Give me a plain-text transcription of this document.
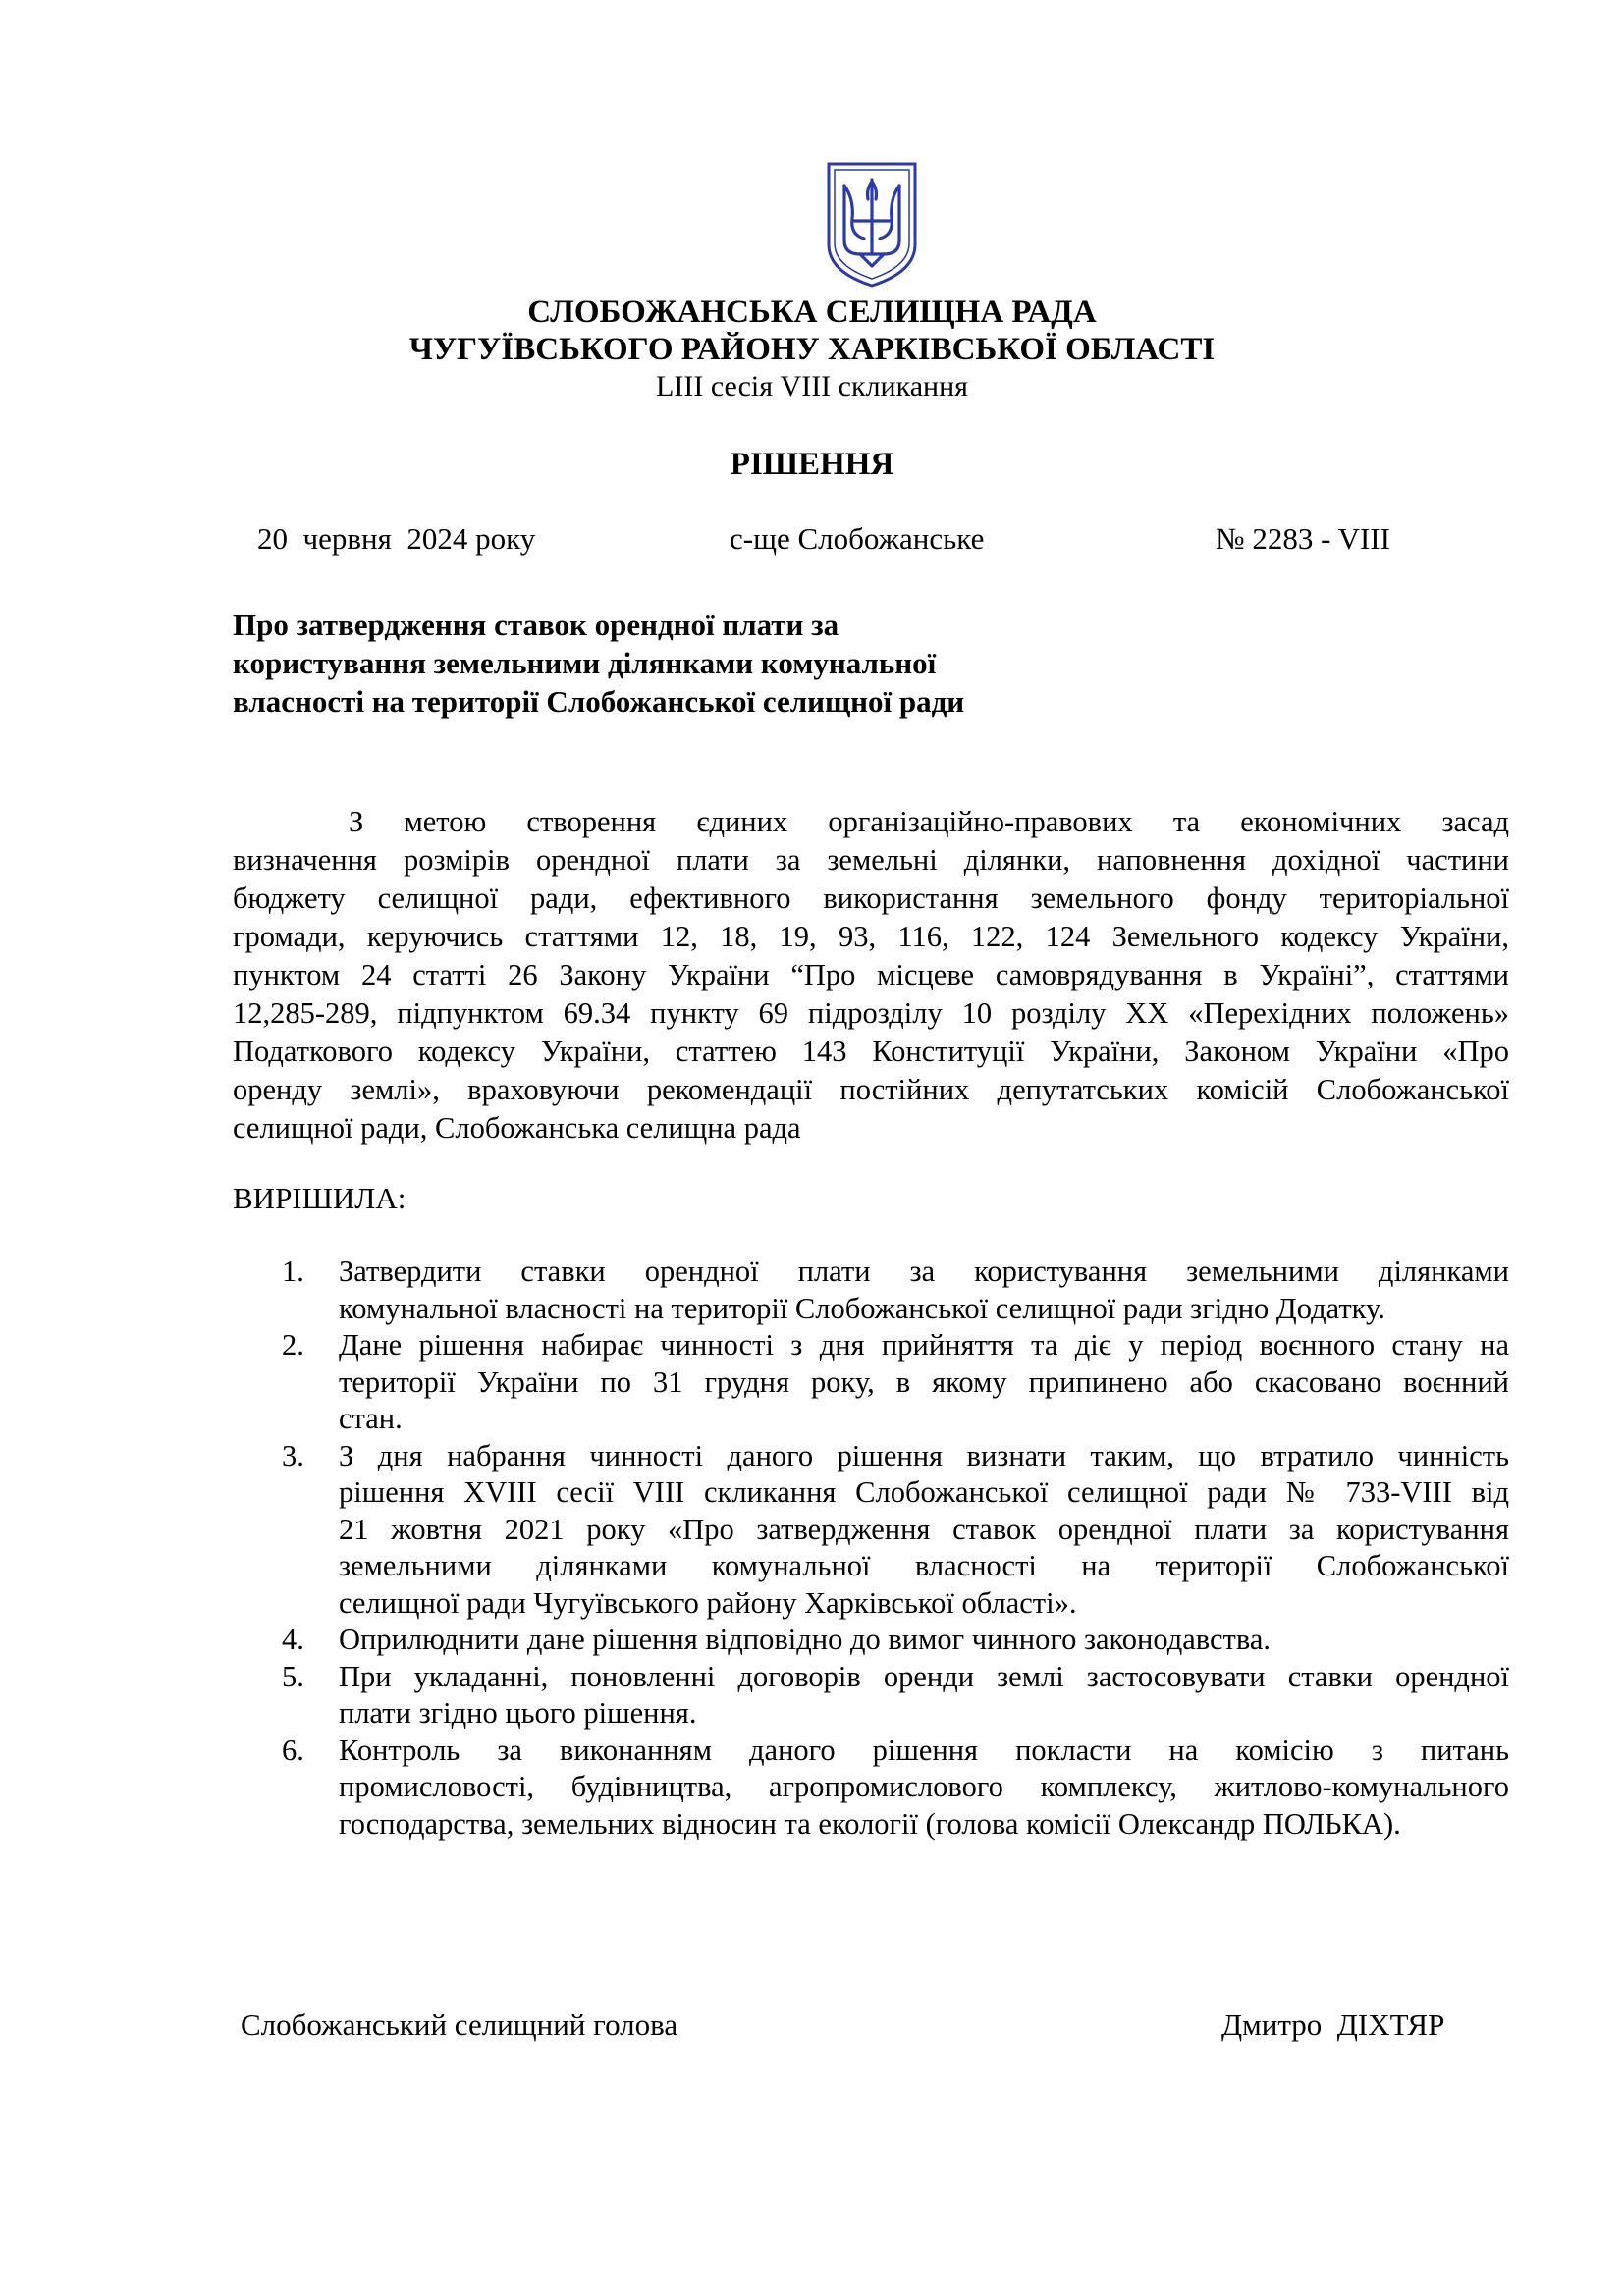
СЛОБОЖАНСЬКА СЕЛИЩНА РАДА
ЧУГУЇВСЬКОГО РАЙОНУ ХАРКІВСЬКОЇ ОБЛАСТІ
LIII сесія VIII скликання
РІШЕННЯ
20  червня  2024 року	с-ще Слобожанське	№ 2283 - VIII
Про затвердження ставок орендної плати за
користування земельними ділянками комунальної
власності на території Слобожанської селищної ради
З метою створення єдиних організаційно-правових та економічних засад
визначення розмірів орендної плати за земельні ділянки, наповнення дохідної частини
бюджету селищної ради, ефективного використання земельного фонду територіальної
громади, керуючись статтями 12, 18, 19, 93, 116, 122, 124 Земельного кодексу України,
пунктом 24 статті 26 Закону України “Про місцеве самоврядування в Україні”, статтями
12,285-289, підпунктом 69.34 пункту 69 підрозділу 10 розділу ХХ «Перехідних положень»
Податкового кодексу України, статтею 143 Конституції України, Законом України «Про
оренду землі», враховуючи рекомендації постійних депутатських комісій Слобожанської
селищної ради, Слобожанська селищна рада
ВИРІШИЛА:
1.	Затвердити ставки орендної плати за користування земельними ділянками
комунальної власності на території Слобожанської селищної ради згідно Додатку.
2.	Дане рішення набирає чинності з дня прийняття та діє у період воєнного стану на
території України по 31 грудня року, в якому припинено або скасовано воєнний
стан.
3.	З дня набрання чинності даного рішення визнати таким, що втратило чинність
рішення XVIII сесії VIII скликання Слобожанської селищної ради № 733-VIII від
21 жовтня 2021 року «Про затвердження ставок орендної плати за користування
земельними ділянками комунальної власності на території Слобожанської
селищної ради Чугуївського району Харківської області».
4.	Оприлюднити дане рішення відповідно до вимог чинного законодавства.
5.	При укладанні, поновленні договорів оренди землі застосовувати ставки орендної
плати згідно цього рішення.
6.	Контроль за виконанням даного рішення покласти на комісію з питань
промисловості, будівництва, агропромислового комплексу, житлово-комунального
господарства, земельних відносин та екології (голова комісії Олександр ПОЛЬКА).
Слобожанський селищний голова	Дмитро  ДІХТЯР
